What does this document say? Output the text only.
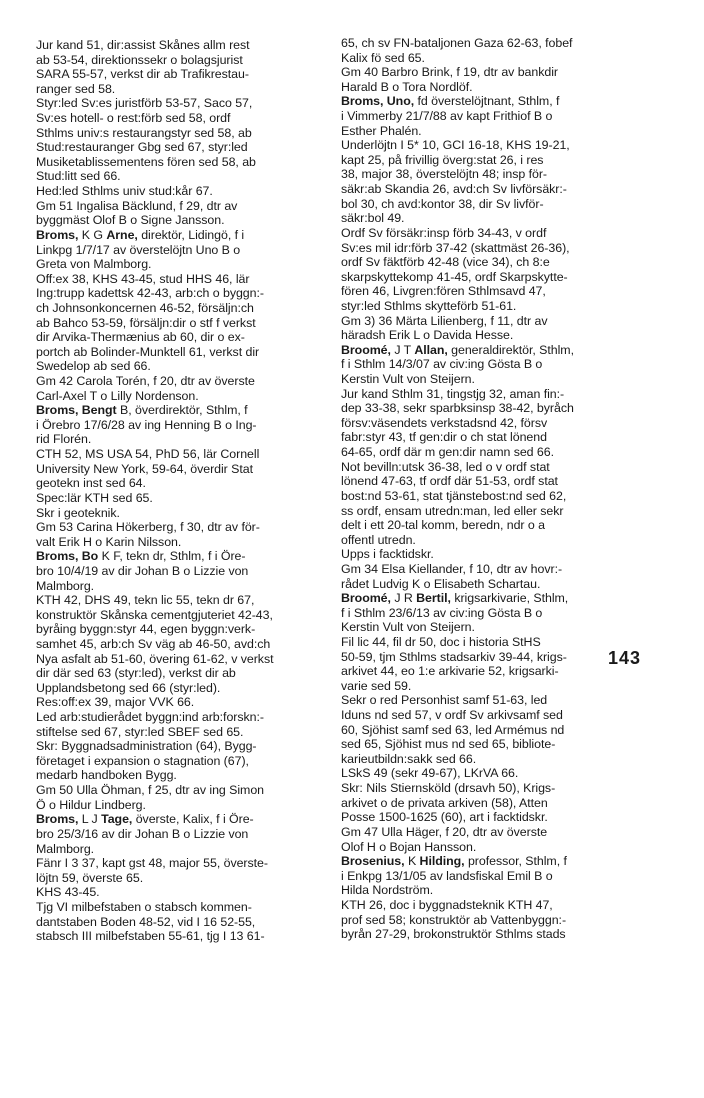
Jur kand 51, dir:assist Skånes allm rest
ab 53-54, direktionssekr o bolagsjurist
SARA 55-57, verkst dir ab Trafikrestau-
ranger sed 58.
Styr:led Sv:es juristförb 53-57, Saco 57,
Sv:es hotell- o rest:förb sed 58, ordf
Sthlms univ:s restaurangstyr sed 58, ab
Stud:restauranger Gbg sed 67, styr:led
Musiketablissementens fören sed 58, ab
Stud:litt sed 66.
Hed:led Sthlms univ stud:kår 67.
Gm 51 Ingalisa Bäcklund, f 29, dtr av
byggmäst Olof B o Signe Jansson.
Broms, K G Arne, direktör, Lidingö, f i
Linkpg 1/7/17 av överstelöjtn Uno B o
Greta von Malmborg.
Off:ex 38, KHS 43-45, stud HHS 46, lär
Ing:trupp kadettsk 42-43, arb:ch o byggn:-
ch Johnsonkoncernen 46-52, försäljn:ch
ab Bahco 53-59, försäljn:dir o stf f verkst
dir Arvika-Thermænius ab 60, dir o ex-
portch ab Bolinder-Munktell 61, verkst dir
Swedelop ab sed 66.
Gm 42 Carola Torén, f 20, dtr av överste
Carl-Axel T o Lilly Nordenson.
Broms, Bengt B, överdirektör, Sthlm, f
i Örebro 17/6/28 av ing Henning B o Ing-
rid Florén.
CTH 52, MS USA 54, PhD 56, lär Cornell
University New York, 59-64, överdir Stat
geotekn inst sed 64.
Spec:lär KTH sed 65.
Skr i geoteknik.
Gm 53 Carina Hökerberg, f 30, dtr av för-
valt Erik H o Karin Nilsson.
Broms, Bo K F, tekn dr, Sthlm, f i Öre-
bro 10/4/19 av dir Johan B o Lizzie von
Malmborg.
KTH 42, DHS 49, tekn lic 55, tekn dr 67,
konstruktör Skånska cementgjuteriet 42-43,
byråing byggn:styr 44, egen byggn:verk-
samhet 45, arb:ch Sv väg ab 46-50, avd:ch
Nya asfalt ab 51-60, övering 61-62, v verkst
dir där sed 63 (styr:led), verkst dir ab
Upplandsbetong sed 66 (styr:led).
Res:off:ex 39, major VVK 66.
Led arb:studierådet byggn:ind arb:forskn:-
stiftelse sed 67, styr:led SBEF sed 65.
Skr: Byggnadsadministration (64), Bygg-
företaget i expansion o stagnation (67),
medarb handboken Bygg.
Gm 50 Ulla Öhman, f 25, dtr av ing Simon
Ö o Hildur Lindberg.
Broms, L J Tage, överste, Kalix, f i Öre-
bro 25/3/16 av dir Johan B o Lizzie von
Malmborg.
Fänr I 3 37, kapt gst 48, major 55, överste-
löjtn 59, överste 65.
KHS 43-45.
Tjg VI milbefstaben o stabsch kommen-
dantstaben Boden 48-52, vid I 16 52-55,
stabsch III milbefstaben 55-61, tjg I 13 61-
65, ch sv FN-bataljonen Gaza 62-63, fobef
Kalix fö sed 65.
Gm 40 Barbro Brink, f 19, dtr av bankdir
Harald B o Tora Nordlöf.
Broms, Uno, fd överstelöjtnant, Sthlm, f
i Vimmerby 21/7/88 av kapt Frithiof B o
Esther Phalén.
Underlöjtn I 5* 10, GCI 16-18, KHS 19-21,
kapt 25, på frivillig överg:stat 26, i res
38, major 38, överstelöjtn 48; insp för-
säkr:ab Skandia 26, avd:ch Sv livförsäkr:-
bol 30, ch avd:kontor 38, dir Sv livför-
säkr:bol 49.
Ordf Sv försäkr:insp förb 34-43, v ordf
Sv:es mil idr:förb 37-42 (skattmäst 26-36),
ordf Sv fäktförb 42-48 (vice 34), ch 8:e
skarpskyttekomp 41-45, ordf Skarpskytte-
fören 46, Livgren:fören Sthlmsavd 47,
styr:led Sthlms skytteförb 51-61.
Gm 3) 36 Märta Lilienberg, f 11, dtr av
häradsh Erik L o Davida Hesse.
Broomé, J T Allan, generaldirektör, Sthlm,
f i Sthlm 14/3/07 av civ:ing Gösta B o
Kerstin Vult von Steijern.
Jur kand Sthlm 31, tingstjg 32, aman fin:-
dep 33-38, sekr sparbksinsp 38-42, byråch
försv:väsendets verkstadsnd 42, försv
fabr:styr 43, tf gen:dir o ch stat lönend
64-65, ordf där m gen:dir namn sed 66.
Not bevilln:utsk 36-38, led o v ordf stat
lönend 47-63, tf ordf där 51-53, ordf stat
bost:nd 53-61, stat tjänstebost:nd sed 62,
ss ordf, ensam utredn:man, led eller sekr
delt i ett 20-tal komm, beredn, ndr o a
offentl utredn.
Upps i facktidskr.
Gm 34 Elsa Kiellander, f 10, dtr av hovr:-
rådet Ludvig K o Elisabeth Schartau.
Broomé, J R Bertil, krigsarkivarie, Sthlm,
f i Sthlm 23/6/13 av civ:ing Gösta B o
Kerstin Vult von Steijern.
Fil lic 44, fil dr 50, doc i historia StHS
50-59, tjm Sthlms stadsarkiv 39-44, krigs-
arkivet 44, eo 1:e arkivarie 52, krigsarki-
varie sed 59.
Sekr o red Personhist samf 51-63, led
Iduns nd sed 57, v ordf Sv arkivsamf sed
60, Sjöhist samf sed 63, led Armémus nd
sed 65, Sjöhist mus nd sed 65, bibliote-
karieutbildn:sakk sed 66.
LSkS 49 (sekr 49-67), LKrVA 66.
Skr: Nils Stiernsköld (drsavh 50), Krigs-
arkivet o de privata arkiven (58), Atten
Posse 1500-1625 (60), art i facktidskr.
Gm 47 Ulla Häger, f 20, dtr av överste
Olof H o Bojan Hansson.
Brosenius, K Hilding, professor, Sthlm, f
i Enkpg 13/1/05 av landsfiskal Emil B o
Hilda Nordström.
KTH 26, doc i byggnadsteknik KTH 47,
prof sed 58; konstruktör ab Vattenbyggn:-
byrån 27-29, brokonstruktör Sthlms stads
143
